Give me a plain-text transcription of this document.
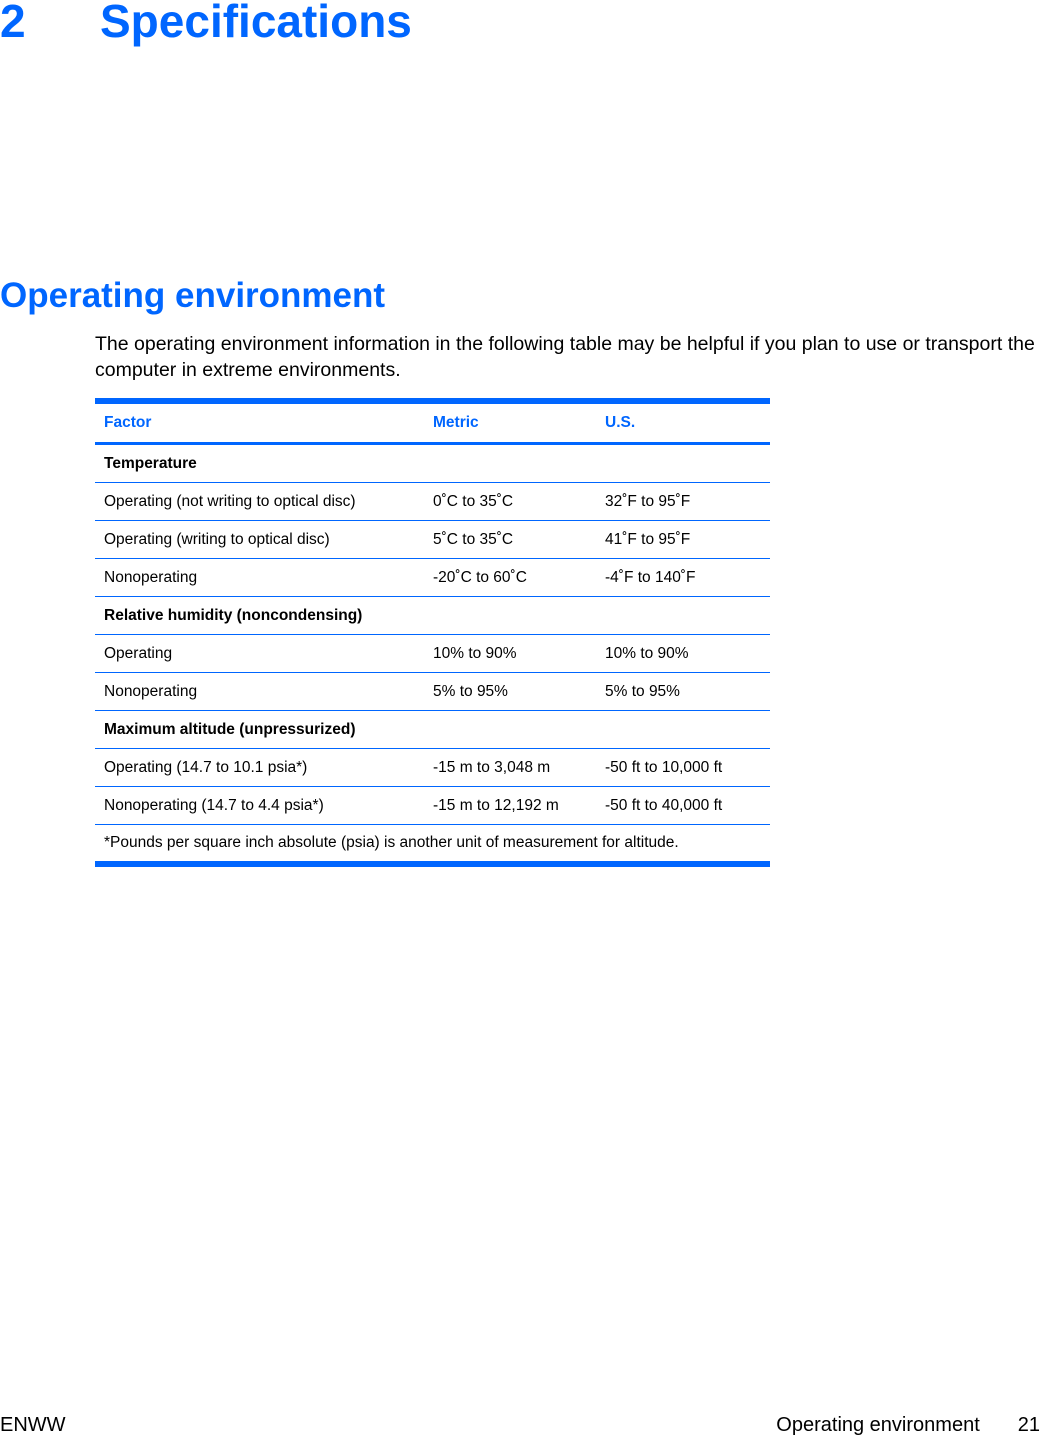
2 Specifications
Operating environment

The operating environment information in the following table may be helpful if you plan to use or transport the computer in extreme environments.

Factor	Metric	U.S.
Temperature		
Operating (not writing to optical disc)	0˚C to 35˚C	32˚F to 95˚F
Operating (writing to optical disc)	5˚C to 35˚C	41˚F to 95˚F
Nonoperating	-20˚C to 60˚C	-4˚F to 140˚F
Relative humidity (noncondensing)		
Operating	10% to 90%	10% to 90%
Nonoperating	5% to 95%	5% to 95%
Maximum altitude (unpressurized)		
Operating (14.7 to 10.1 psia*)	-15 m to 3,048 m	-50 ft to 10,000 ft
Nonoperating (14.7 to 4.4 psia*)	-15 m to 12,192 m	-50 ft to 40,000 ft
*Pounds per square inch absolute (psia) is another unit of measurement for altitude.		
ENWW	Operating environment 21
